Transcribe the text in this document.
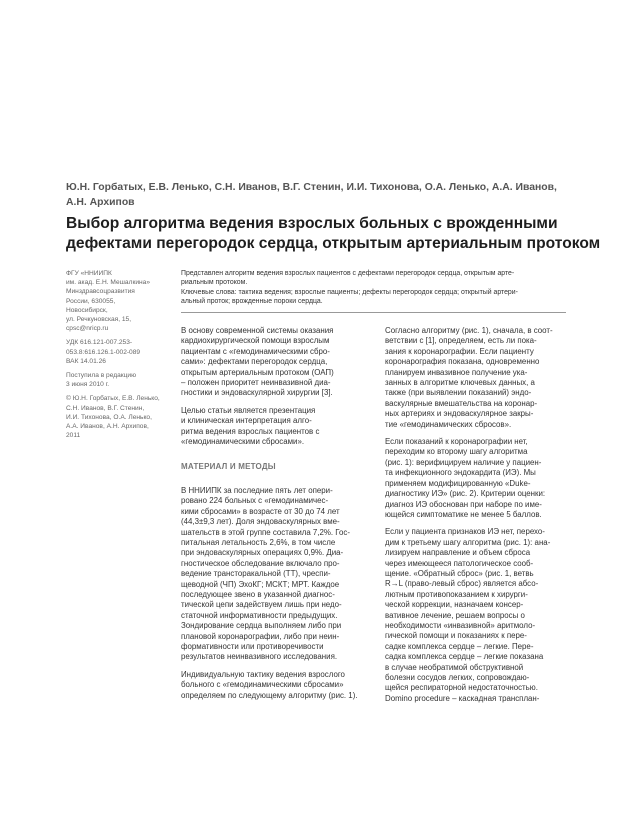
Ю.Н. Горбатых, Е.В. Ленько, С.Н. Иванов, В.Г. Стенин, И.И. Тихонова, О.А. Ленько, А.А. Иванов,
А.Н. Архипов
Выбор алгоритма ведения взрослых больных с врожденными
дефектами перегородок сердца, открытым артериальным протоком

ФГУ «ННИИПК
им. акад. Е.Н. Мешалкина»
Минздравсоцразвития
России, 630055,
Новосибирск,
ул. Речкуновская, 15,
cpsc@nricp.ru

УДК 616.121-007.253-
053.8:616.126.1-002-089
ВАК 14.01.26

Поступила в редакцию
3 июня 2010 г.

© Ю.Н. Горбатых, Е.В. Ленько,
С.Н. Иванов, В.Г. Стенин,
И.И. Тихонова, О.А. Ленько,
А.А. Иванов, А.Н. Архипов,
2011

Представлен алгоритм ведения взрослых пациентов с дефектами перегородок сердца, открытым арте-
риальным протоком.
Ключевые слова: тактика ведения; взрослые пациенты; дефекты перегородок сердца; открытый артери-
альный проток; врожденные пороки сердца.
В основу современной системы оказания
кардиохирургической помощи взрослым
пациентам с «гемодинамическими сбро-
сами»: дефектами перегородок сердца,
открытым артериальным протоком (ОАП)
– положен приоритет неинвазивной диа-
гностики и эндоваскулярной хирургии [3].
Целью статьи является презентация
и клиническая интерпретация алго-
ритма ведения взрослых пациентов с
«гемодинамическими сбросами».
МАТЕРИАЛ И МЕТОДЫ
В ННИИПК за последние пять лет опери-
ровано 224 больных с «гемодинамичес-
кими сбросами» в возрасте от 30 до 74 лет
(44,3±9,3 лет). Доля эндоваскулярных вме-
шательств в этой группе составила 7,2%. Гос-
питальная летальность 2,6%, в том числе
при эндоваскулярных операциях 0,9%. Диа-
гностическое обследование включало про-
ведение трансторакальной (ТТ), чреспи-
щеводной (ЧП) ЭхоКГ; МСКТ; МРТ. Каждое
последующее звено в указанной диагнос-
тической цепи задействуем лишь при недо-
статочной информативности предыдущих.
Зондирование сердца выполняем либо при
плановой коронарографии, либо при неин-
формативности или противоречивости
результатов неинвазивного исследования.
Индивидуальную тактику ведения взрослого
больного с «гемодинамическими сбросами»
определяем по следующему алгоритму (рис. 1).
Согласно алгоритму (рис. 1), сначала, в соот-
ветствии с [1], определяем, есть ли пока-
зания к коронарографии. Если пациенту
коронарография показана, одновременно
планируем инвазивное получение ука-
занных в алгоритме ключевых данных, а
также (при выявлении показаний) эндо-
васкулярные вмешательства на коронар-
ных артериях и эндоваскулярное закры-
тие «гемодинамических сбросов».
Если показаний к коронарографии нет,
переходим ко второму шагу алгоритма
(рис. 1): верифицируем наличие у пациен-
та инфекционного эндокардита (ИЭ). Мы
применяем модифицированную «Duke-
диагностику ИЭ» (рис. 2). Критерии оценки:
диагноз ИЭ обоснован при наборе по име-
ющейся симптоматике не менее 5 баллов.
Если у пациента признаков ИЭ нет, перехо-
дим к третьему шагу алгоритма (рис. 1): ана-
лизируем направление и объем сброса
через имеющееся патологическое сооб-
щение. «Обратный сброс» (рис. 1, ветвь
R→L (право-левый сброс) является абсо-
лютным противопоказанием к хирурги-
ческой коррекции, назначаем консер-
вативное лечение, решаем вопросы о
необходимости «инвазивной» аритмоло-
гической помощи и показаниях к пере-
садке комплекса сердце – легкие. Пере-
садка комплекса сердце – легкие показана
в случае необратимой обструктивной
болезни сосудов легких, сопровождаю-
щейся респираторной недостаточностью.
Domino procedure – каскадная трансплан-
